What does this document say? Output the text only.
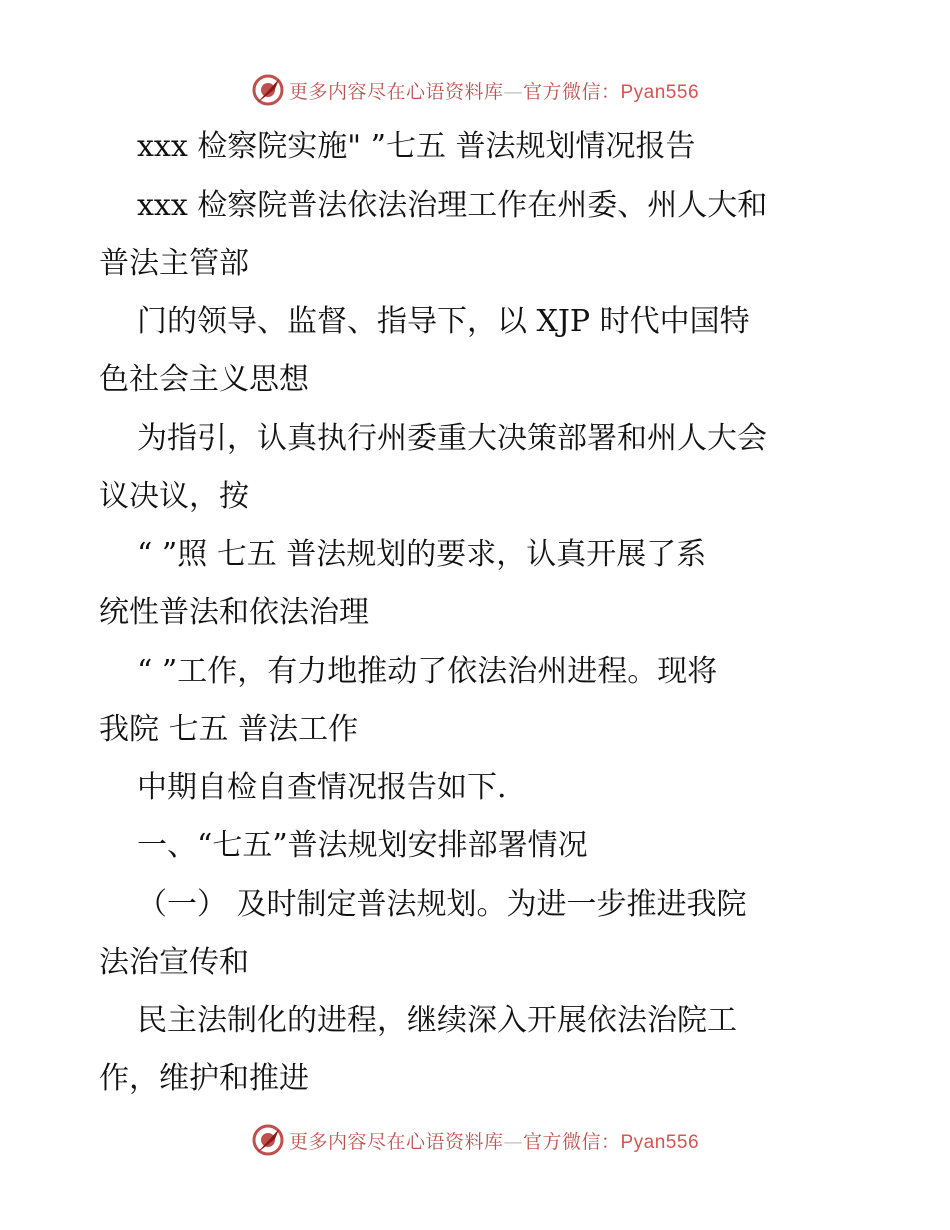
更多内容尽在心语资料库—官方微信：Pyan556
xxx 检察院实施" ”七五 普法规划情况报告
xxx 检察院普法依法治理工作在州委、州人大和
普法主管部
门的领导、监督、指导下，以 XJP 时代中国特
色社会主义思想
为指引，认真执行州委重大决策部署和州人大会
议决议，按
“ ”照 七五 普法规划的要求，认真开展了系
统性普法和依法治理
“ ”工作，有力地推动了依法治州进程。现将
我院 七五 普法工作
中期自检自查情况报告如下.
一、“七五”普法规划安排部署情况
（一） 及时制定普法规划。为进一步推进我院
法治宣传和
民主法制化的进程，继续深入开展依法治院工
作，维护和推进
更多内容尽在心语资料库—官方微信：Pyan556
